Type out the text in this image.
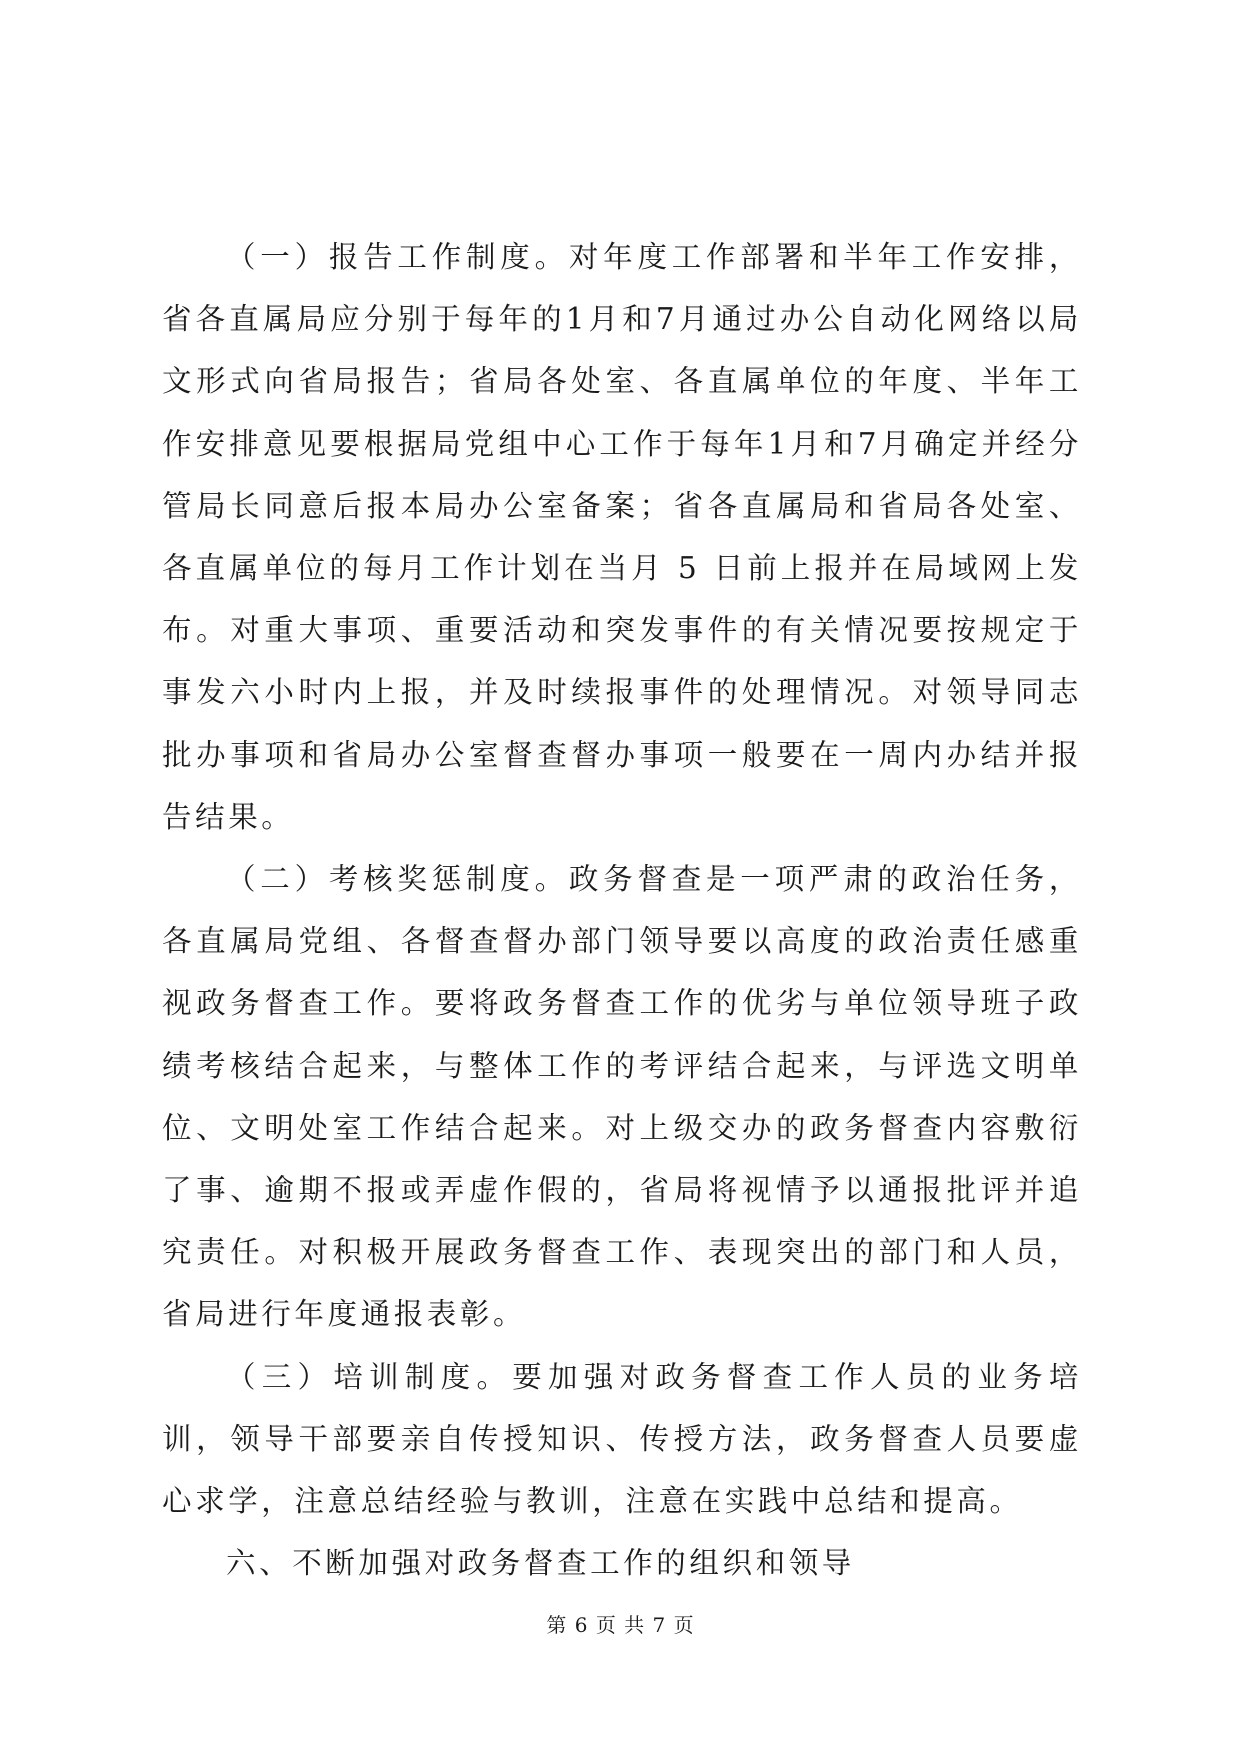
（一）报告工作制度。对年度工作部署和半年工作安排，省各直属局应分别于每年的1月和7月通过办公自动化网络以局文形式向省局报告；省局各处室、各直属单位的年度、半年工作安排意见要根据局党组中心工作于每年1月和7月确定并经分管局长同意后报本局办公室备案；省各直属局和省局各处室、各直属单位的每月工作计划在当月 5 日前上报并在局域网上发布。对重大事项、重要活动和突发事件的有关情况要按规定于事发六小时内上报，并及时续报事件的处理情况。对领导同志批办事项和省局办公室督查督办事项一般要在一周内办结并报告结果。

（二）考核奖惩制度。政务督查是一项严肃的政治任务，各直属局党组、各督查督办部门领导要以高度的政治责任感重视政务督查工作。要将政务督查工作的优劣与单位领导班子政绩考核结合起来，与整体工作的考评结合起来，与评选文明单位、文明处室工作结合起来。对上级交办的政务督查内容敷衍了事、逾期不报或弄虚作假的，省局将视情予以通报批评并追究责任。对积极开展政务督查工作、表现突出的部门和人员，省局进行年度通报表彰。

（三）培训制度。要加强对政务督查工作人员的业务培训，领导干部要亲自传授知识、传授方法，政务督查人员要虚心求学，注意总结经验与教训，注意在实践中总结和提高。

六、不断加强对政务督查工作的组织和领导

第 6 页 共 7 页
